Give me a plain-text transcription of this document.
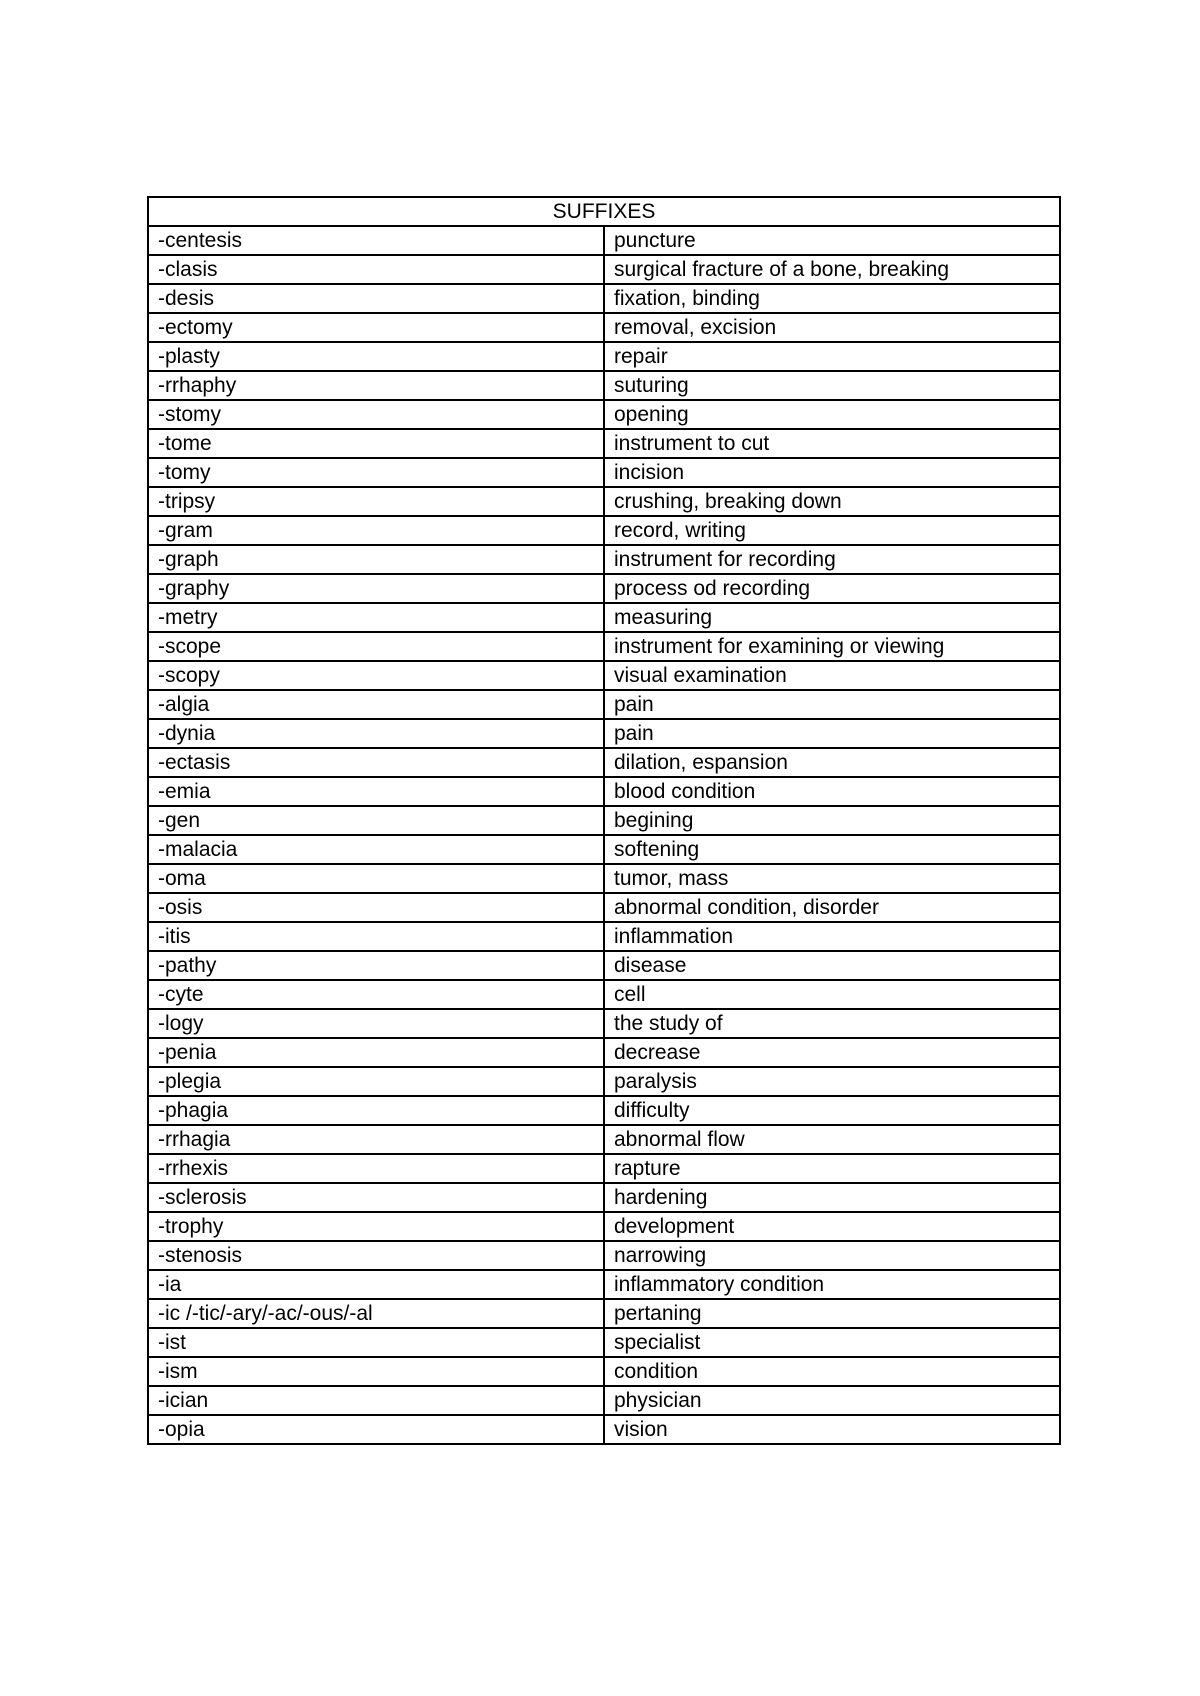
SUFFIXES	
-centesis	puncture
-clasis	surgical fracture of a bone, breaking
-desis	fixation, binding
-ectomy	removal, excision
-plasty	repair
-rrhaphy	suturing
-stomy	opening
-tome	instrument to cut
-tomy	incision
-tripsy	crushing, breaking down
-gram	record, writing
-graph	instrument for recording
-graphy	process od recording
-metry	measuring
-scope	instrument for examining or viewing
-scopy	visual examination
-algia	pain
-dynia	pain
-ectasis	dilation, espansion
-emia	blood condition
-gen	begining
-malacia	softening
-oma	tumor, mass
-osis	abnormal condition, disorder
-itis	inflammation
-pathy	disease
-cyte	cell
-logy	the study of
-penia	decrease
-plegia	paralysis
-phagia	difficulty
-rrhagia	abnormal flow
-rrhexis	rapture
-sclerosis	hardening
-trophy	development
-stenosis	narrowing
-ia	inflammatory condition
-ic /-tic/-ary/-ac/-ous/-al	pertaning
-ist	specialist
-ism	condition
-ician	physician
-opia	vision
